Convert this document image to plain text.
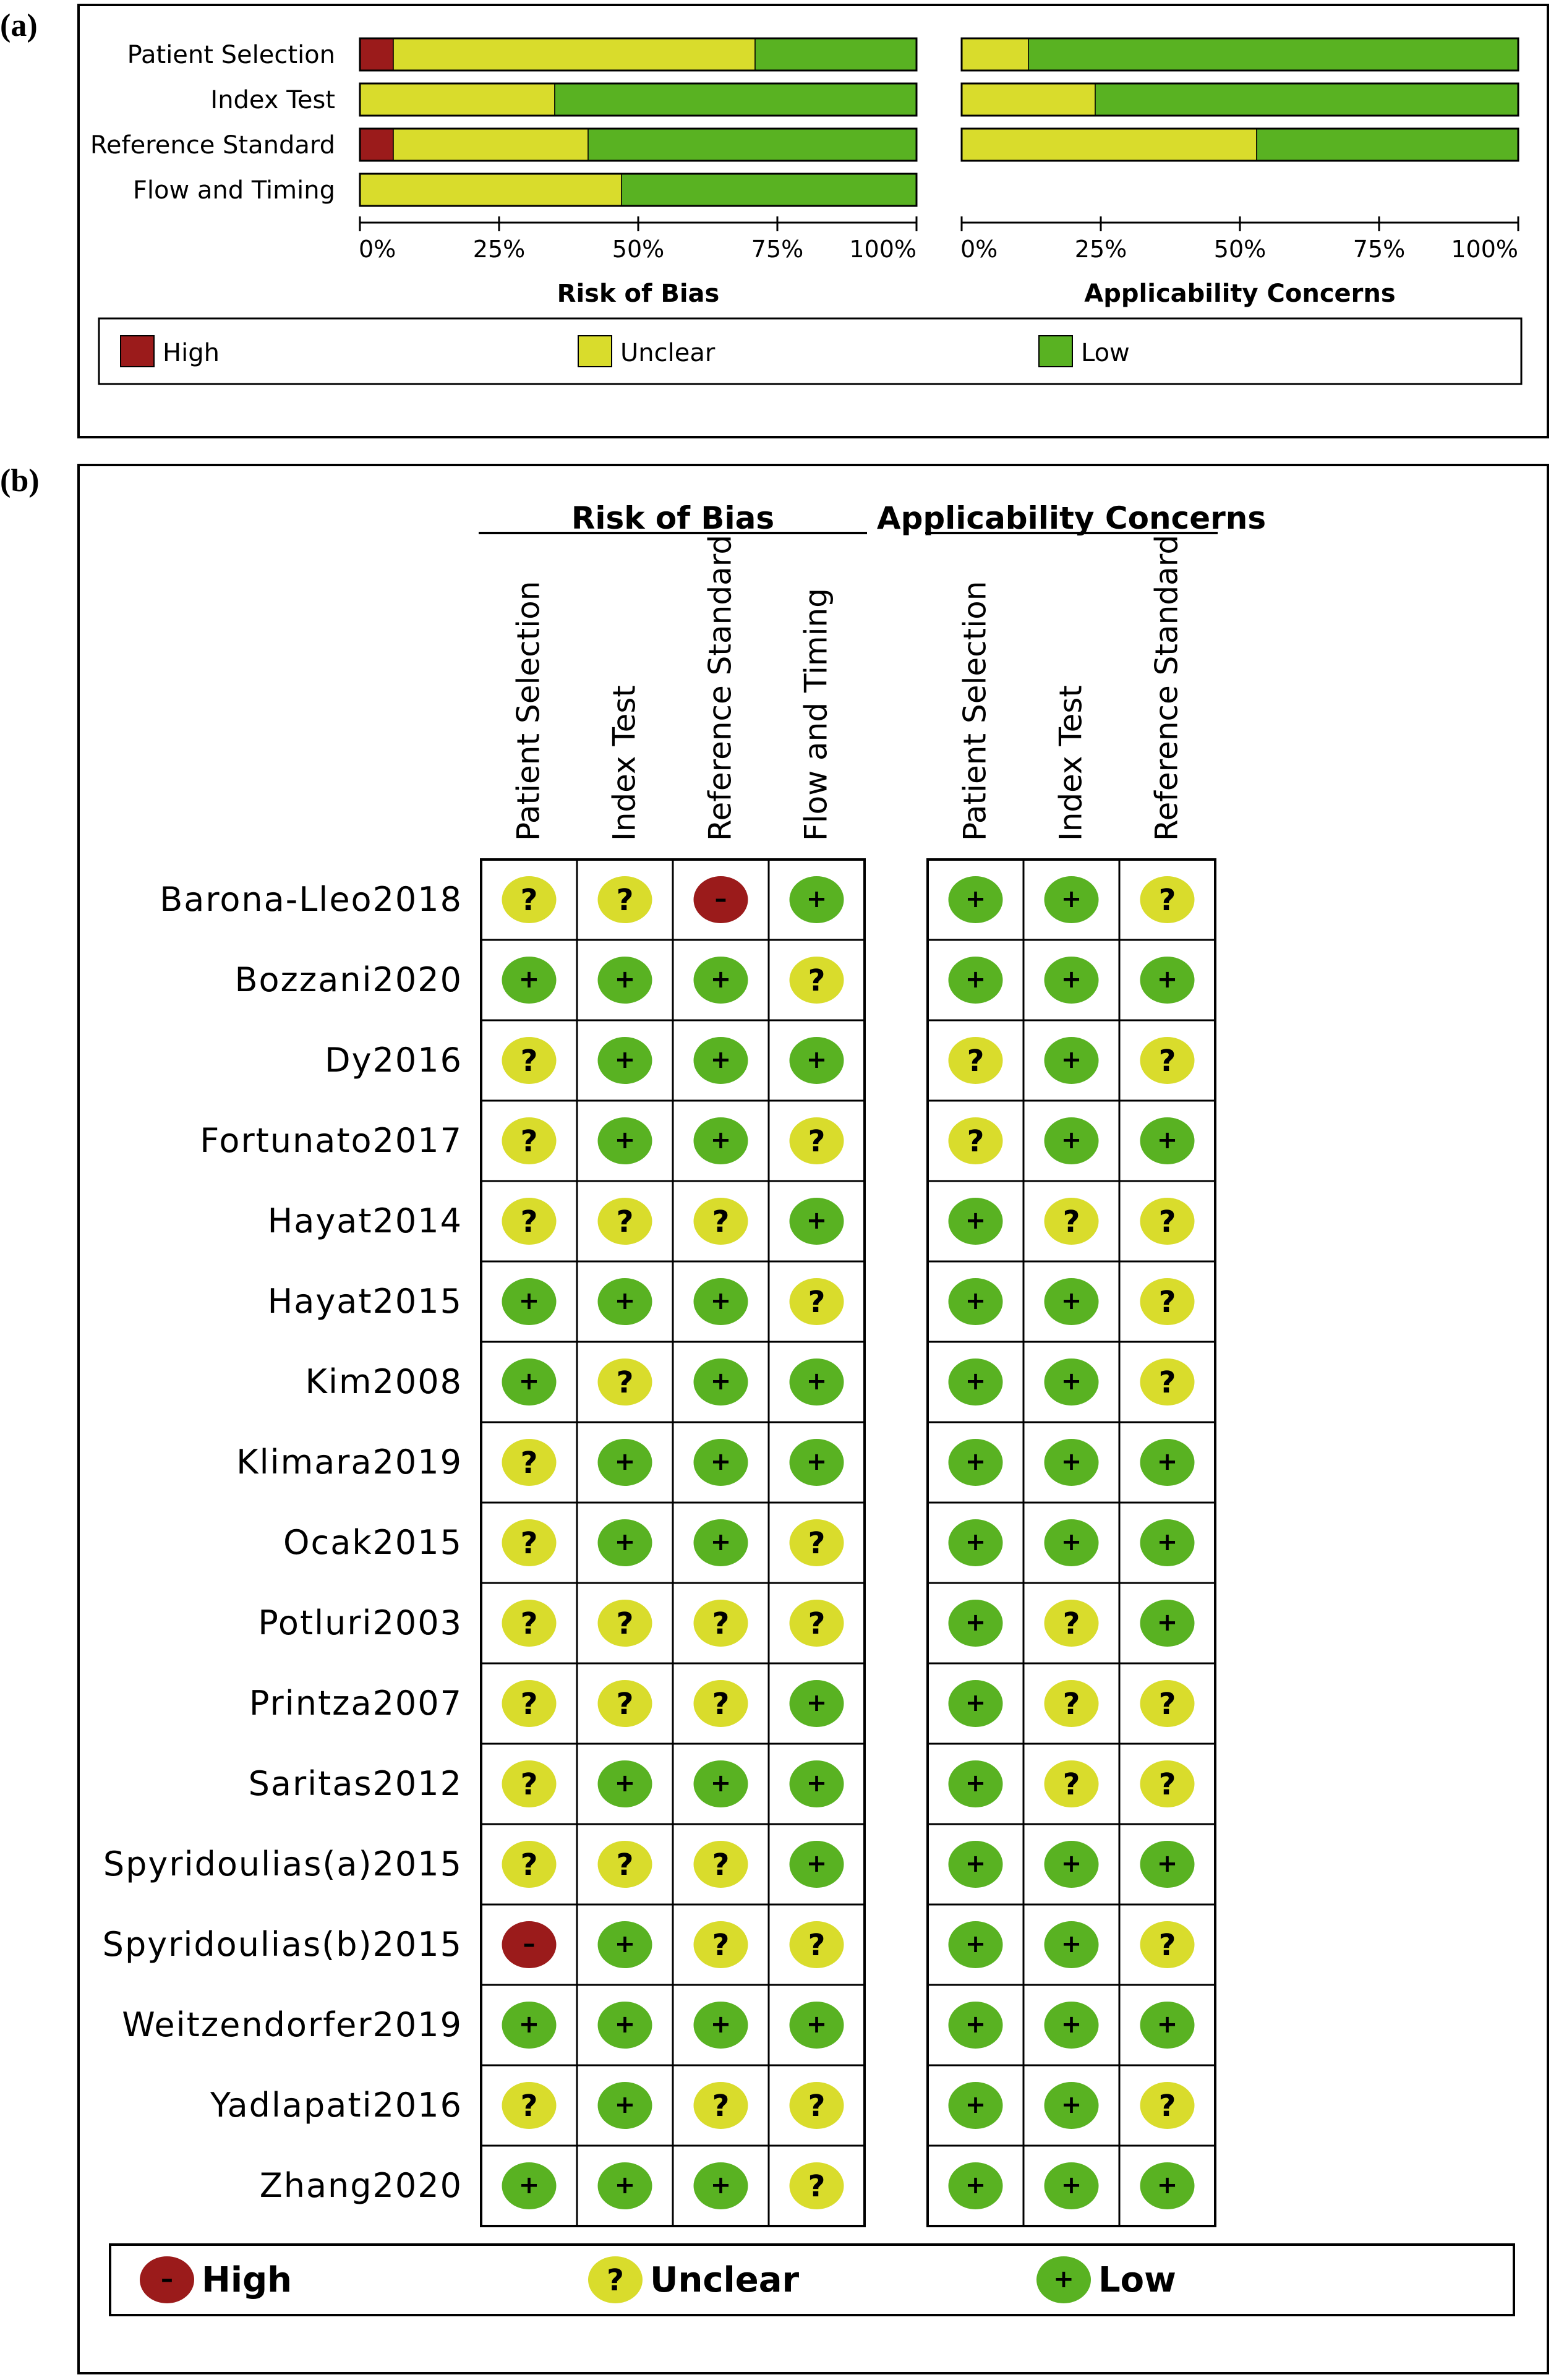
(a)
(b)
Patient Selection
Index Test
Reference Standard
Flow and Timing
0%	25%	50%	75% 100%
Risk of Bias
0%	25%	50%	75% 100%
Applicability Concerns
High	Unclear	Low
Risk of Bias
Patient Selection Index Test Reference Standard Flow and Timing
Applicability Concerns
Patient Selection Index Test Reference Standard
Barona-Lleo2018 ?	?	–	+	+	+	?
Bozzani2020 +	+	+	?	+	+	+
Dy2016 ?	+	+	+	?	+	?
Fortunato2017 ?	+	+	?	?	+	+
Hayat2014 ?	?	?	+	+	?	?
Hayat2015 +	+	+	?	+	+	?
Kim2008 +	?	+	+	+	+	?
Klimara2019 ?	+	+	+	+	+	+
Ocak2015 ?	+	+	?	+	+	+
Potluri2003 ?	?	?	?	+	?	+
Printza2007 ?	?	?	+	+	?	?
Saritas2012 ?	+	+	+	+	?	?
Spyridoulias(a)2015 ?	?	?	+	+	+	+
Spyridoulias(b)2015 –	+	?	?	+	+	?
Weitzendorfer2019 +	+	+	+	+	+	+
Yadlapati2016 ?	+	?	?	+	+	?
Zhang2020 +	+	+	?	+	+	+
– High	? Unclear	+ Low
